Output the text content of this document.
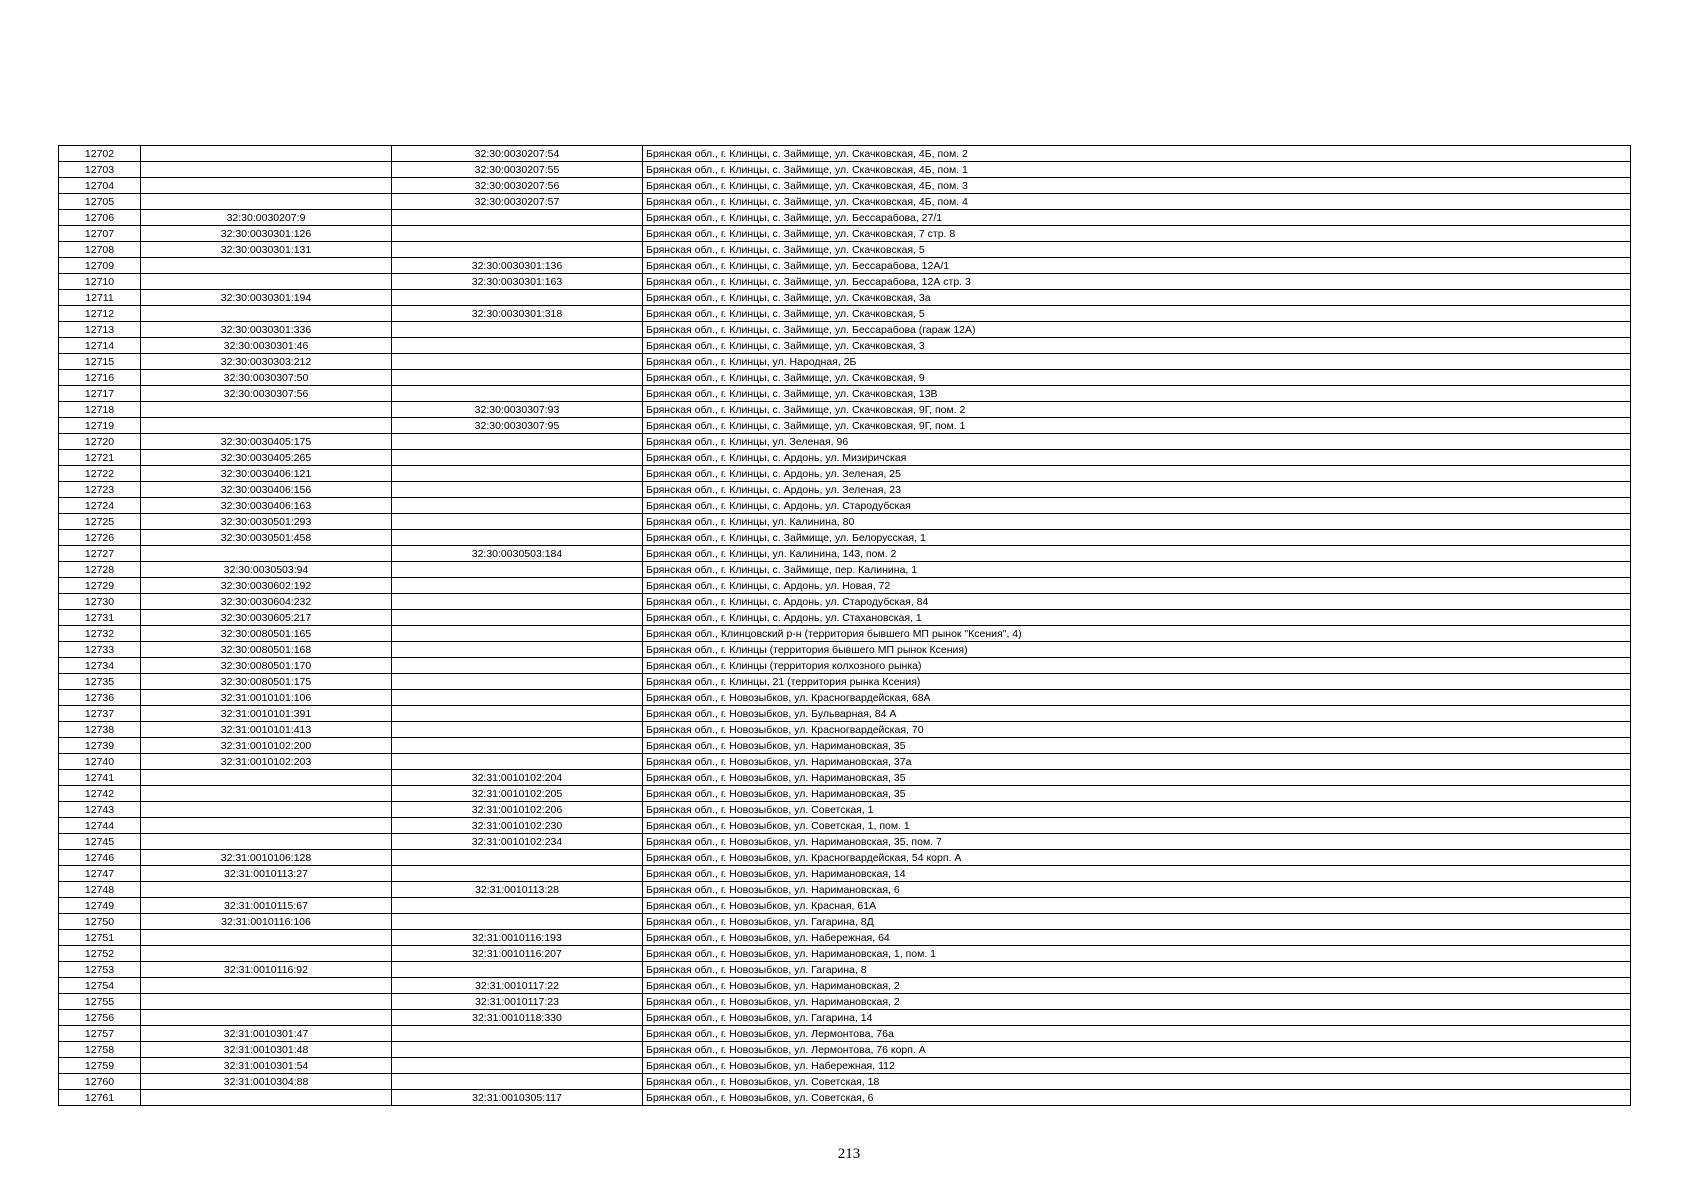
12702		32:30:0030207:54	Брянская обл., г. Клинцы, с. Займище, ул. Скачковская, 4Б, пом. 2
12703		32:30:0030207:55	Брянская обл., г. Клинцы, с. Займище, ул. Скачковская, 4Б, пом. 1
12704		32:30:0030207:56	Брянская обл., г. Клинцы, с. Займище, ул. Скачковская, 4Б, пом. 3
12705		32:30:0030207:57	Брянская обл., г. Клинцы, с. Займище, ул. Скачковская, 4Б, пом. 4
12706	32:30:0030207:9		Брянская обл., г. Клинцы, с. Займище, ул. Бессарабова, 27/1
12707	32:30:0030301:126		Брянская обл., г. Клинцы, с. Займище, ул. Скачковская, 7 стр. 8
12708	32:30:0030301:131		Брянская обл., г. Клинцы, с. Займище, ул. Скачковская, 5
12709		32:30:0030301:136	Брянская обл., г. Клинцы, с. Займище, ул. Бессарабова, 12А/1
12710		32:30:0030301:163	Брянская обл., г. Клинцы, с. Займище, ул. Бессарабова, 12А стр. 3
12711	32:30:0030301:194		Брянская обл., г. Клинцы, с. Займище, ул. Скачковская, 3а
12712		32:30:0030301:318	Брянская обл., г. Клинцы, с. Займище, ул. Скачковская, 5
12713	32:30:0030301:336		Брянская обл., г. Клинцы, с. Займище, ул. Бессарабова (гараж 12А)
12714	32:30:0030301:46		Брянская обл., г. Клинцы, с. Займище, ул. Скачковская, 3
12715	32:30:0030303:212		Брянская обл., г. Клинцы, ул. Народная, 2Б
12716	32:30:0030307:50		Брянская обл., г. Клинцы, с. Займище, ул. Скачковская, 9
12717	32:30:0030307:56		Брянская обл., г. Клинцы, с. Займище, ул. Скачковская, 13В
12718		32:30:0030307:93	Брянская обл., г. Клинцы, с. Займище, ул. Скачковская, 9Г, пом. 2
12719		32:30:0030307:95	Брянская обл., г. Клинцы, с. Займище, ул. Скачковская, 9Г, пом. 1
12720	32:30:0030405:175		Брянская обл., г. Клинцы, ул. Зеленая, 96
12721	32:30:0030405:265		Брянская обл., г. Клинцы, с. Ардонь, ул. Мизиричская
12722	32:30:0030406:121		Брянская обл., г. Клинцы, с. Ардонь, ул. Зеленая, 25
12723	32:30:0030406:156		Брянская обл., г. Клинцы, с. Ардонь, ул. Зеленая, 23
12724	32:30:0030406:163		Брянская обл., г. Клинцы, с. Ардонь, ул. Стародубская
12725	32:30:0030501:293		Брянская обл., г. Клинцы, ул. Калинина, 80
12726	32:30:0030501:458		Брянская обл., г. Клинцы, с. Займище, ул. Белорусская, 1
12727		32:30:0030503:184	Брянская обл., г. Клинцы, ул. Калинина, 143, пом. 2
12728	32:30:0030503:94		Брянская обл., г. Клинцы, с. Займище, пер. Калинина, 1
12729	32:30:0030602:192		Брянская обл., г. Клинцы, с. Ардонь, ул. Новая, 72
12730	32:30:0030604:232		Брянская обл., г. Клинцы, с. Ардонь, ул. Стародубская, 84
12731	32:30:0030605:217		Брянская обл., г. Клинцы, с. Ардонь, ул. Стахановская, 1
12732	32:30:0080501:165		Брянская обл., Клинцовский р-н (территория бывшего МП рынок "Ксения", 4)
12733	32:30:0080501:168		Брянская обл., г. Клинцы (территория бывшего МП рынок Ксения)
12734	32:30:0080501:170		Брянская обл., г. Клинцы (территория колхозного рынка)
12735	32:30:0080501:175		Брянская обл., г. Клинцы, 21 (территория рынка Ксения)
12736	32:31:0010101:106		Брянская обл., г. Новозыбков, ул. Красногвардейская, 68А
12737	32:31:0010101:391		Брянская обл., г. Новозыбков, ул. Бульварная, 84 А
12738	32:31:0010101:413		Брянская обл., г. Новозыбков, ул. Красногвардейская, 70
12739	32:31:0010102:200		Брянская обл., г. Новозыбков, ул. Наримановская, 35
12740	32:31:0010102:203		Брянская обл., г. Новозыбков, ул. Наримановская, 37а
12741		32:31:0010102:204	Брянская обл., г. Новозыбков, ул. Наримановская, 35
12742		32:31:0010102:205	Брянская обл., г. Новозыбков, ул. Наримановская, 35
12743		32:31:0010102:206	Брянская обл., г. Новозыбков, ул. Советская, 1
12744		32:31:0010102:230	Брянская обл., г. Новозыбков, ул. Советская, 1, пом. 1
12745		32:31:0010102:234	Брянская обл., г. Новозыбков, ул. Наримановская, 35, пом. 7
12746	32:31:0010106:128		Брянская обл., г. Новозыбков, ул. Красногвардейская, 54 корп. А
12747	32:31:0010113:27		Брянская обл., г. Новозыбков, ул. Наримановская, 14
12748		32:31:0010113:28	Брянская обл., г. Новозыбков, ул. Наримановская, 6
12749	32:31:0010115:67		Брянская обл., г. Новозыбков, ул. Красная, 61А
12750	32:31:0010116:106		Брянская обл., г. Новозыбков, ул. Гагарина, 8Д
12751		32:31:0010116:193	Брянская обл., г. Новозыбков, ул. Набережная, 64
12752		32:31:0010116:207	Брянская обл., г. Новозыбков, ул. Наримановская, 1, пом. 1
12753	32:31:0010116:92		Брянская обл., г. Новозыбков, ул. Гагарина, 8
12754		32:31:0010117:22	Брянская обл., г. Новозыбков, ул. Наримановская, 2
12755		32:31:0010117:23	Брянская обл., г. Новозыбков, ул. Наримановская, 2
12756		32:31:0010118:330	Брянская обл., г. Новозыбков, ул. Гагарина, 14
12757	32:31:0010301:47		Брянская обл., г. Новозыбков, ул. Лермонтова, 76а
12758	32:31:0010301:48		Брянская обл., г. Новозыбков, ул. Лермонтова, 76 корп. А
12759	32:31:0010301:54		Брянская обл., г. Новозыбков, ул. Набережная, 112
12760	32:31:0010304:88		Брянская обл., г. Новозыбков, ул. Советская, 18
12761		32:31:0010305:117	Брянская обл., г. Новозыбков, ул. Советская, 6
213
